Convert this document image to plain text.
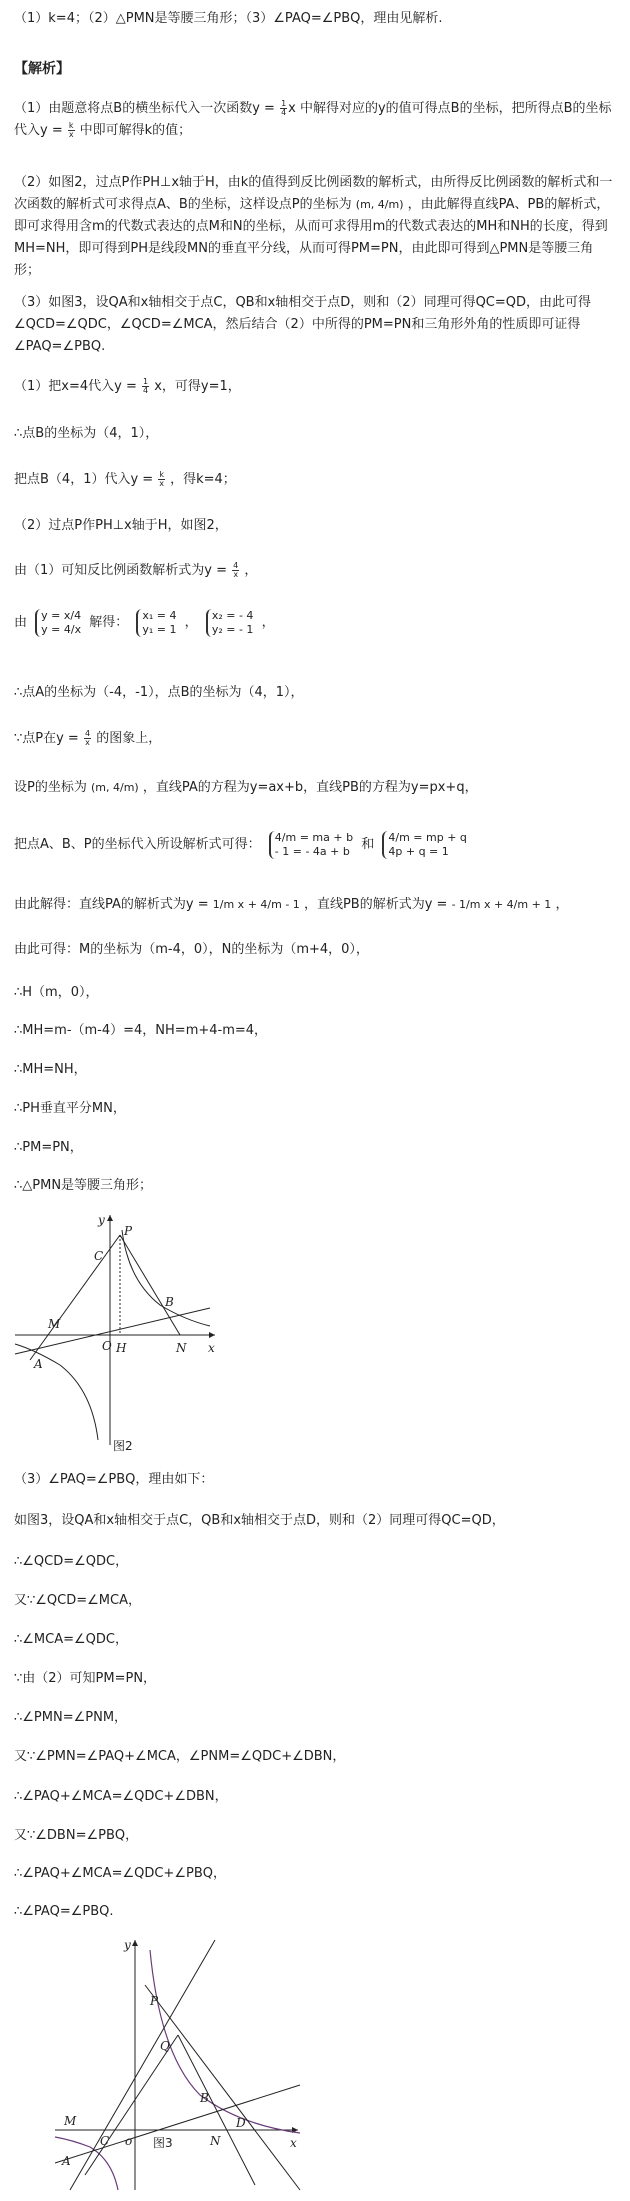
（1）k=4；（2）△PMN是等腰三角形；（3）∠PAQ=∠PBQ，理由见解析.
【解析】
（1）由题意将点B的横坐标代入一次函数$y = \frac{1}{4}$ x 中解得对应的y的值可得点B的坐标，把所得点B的坐标代入$y = \frac{k}{x}$ 中即可解得k的值；
（2）如图2，过点P作PH⊥x轴于H，由k的值得到反比例函数的解析式，由所得反比例函数的解析式和一次函数的解析式可求得点A、B的坐标，这样设点P的坐标为 (m, 4/m) ，由此解得直线PA、PB的解析式，即可求得用含m的代数式表达的点M和N的坐标，从而可求得用m的代数式表达的MH和NH的长度，得到MH=NH，即可得到PH是线段MN的垂直平分线，从而可得PM=PN，由此即可得到△PMN是等腰三角形；
（3）如图3，设QA和x轴相交于点C，QB和x轴相交于点D，则和（2）同理可得QC=QD，由此可得∠QCD=∠QDC，∠QCD=∠MCA，然后结合（2）中所得的PM=PN和三角形外角的性质即可证得∠PAQ=∠PBQ.
（1）把x=4代入$y = \frac{1}{4}$ x，可得y=1，
∴点B的坐标为（4，1），
把点B（4，1）代入$y = \frac{k}{x}$ ，得k=4；
（2）过点P作PH⊥x轴于H，如图2，
由（1）可知反比例函数解析式为$y = \frac{4}{x}$ ，
由 y = x/4
y = 4/x 解得： x₁ = 4
y₁ = 1 ， x₂ = - 4
y₂ = - 1 ，
∴点A的坐标为（-4，-1），点B的坐标为（4，1），
∵点P在$y = \frac{4}{x}$ 的图象上，
设P的坐标为 (m, 4/m) ，直线PA的方程为y=ax+b，直线PB的方程为y=px+q，
把点A、B、P的坐标代入所设解析式可得： 4/m = ma + b
- 1 = - 4a + b 和 4/m = mp + q
4p + q = 1
由此解得：直线PA的解析式为y = 1/m x + 4/m - 1 ，直线PB的解析式为y = - 1/m x + 4/m + 1 ，
由此可得：M的坐标为（m-4，0），N的坐标为（m+4，0），
∴H（m，0），
∴MH=m-（m-4）=4，NH=m+4-m=4，
∴MH=NH，
∴PH垂直平分MN，
∴PM=PN，
∴△PMN是等腰三角形；
y
x
P
C
B
M
O H	N
A
图2
（3）∠PAQ=∠PBQ，理由如下：
如图3，设QA和x轴相交于点C，QB和x轴相交于点D，则和（2）同理可得QC=QD，
∴∠QCD=∠QDC，
又∵∠QCD=∠MCA，
∴∠MCA=∠QDC，
∵由（2）可知PM=PN，
∴∠PMN=∠PNM，
又∵∠PMN=∠PAQ+∠MCA，∠PNM=∠QDC+∠DBN，
∴∠PAQ+∠MCA=∠QDC+∠DBN，
又∵∠DBN=∠PBQ，
∴∠PAQ+∠MCA=∠QDC+∠PBQ，
∴∠PAQ=∠PBQ.
y
x
P
Q
B
M
C o	N
D
A
图3
